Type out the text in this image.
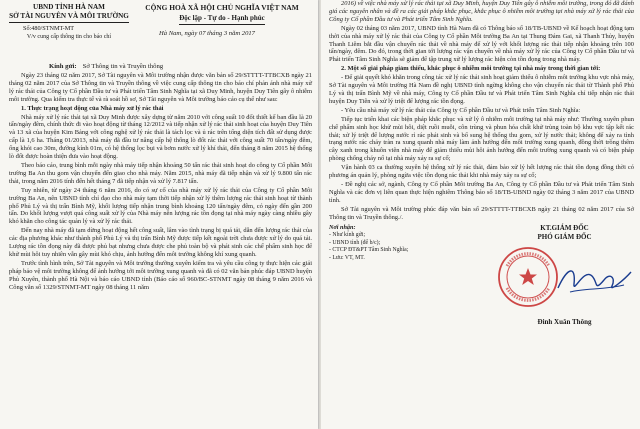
UBND TỈNH HÀ NAM
SỞ TÀI NGUYÊN VÀ MÔI TRƯỜNG
CỘNG HOÀ XÃ HỘI CHỦ NGHĨA VIỆT NAM
Độc lập - Tự do - Hạnh phúc
Số:480/STNMT-MT
V/v cung cấp thông tin cho báo chí	Hà Nam, ngày 07 tháng 3 năm 2017
Kính gửi: Sở Thông tin và Truyền thông

Ngày 23 tháng 02 năm 2017, Sở Tài nguyên và Môi trường nhận được văn bản số 29/STTTT-TTBCXB ngày 21 tháng 02 năm 2017 của Sở Thông tin và Truyền thông về việc cung cấp thông tin cho báo chí phản ánh nhà máy xử lý rác thải của Công ty Cổ phần Đầu tư và Phát triển Tâm Sinh Nghĩa tại xã Duy Minh, huyện Duy Tiên gây ô nhiễm môi trường. Qua kiểm tra thực tế và rà soát hồ sơ, Sở Tài nguyên và Môi trường báo cáo cụ thể như sau:

1. Thực trạng hoạt động của Nhà máy xử lý rác thải

Nhà máy xử lý rác thải tại xã Duy Minh được xây dựng từ năm 2010 với công suất 10 đốt thiết kế ban đầu là 20 tấn/ngày đêm, chính thức đi vào hoạt động từ tháng 12/2012 và tiếp nhận xử lý rác thải sinh hoạt của huyện Duy Tiên và 13 xã của huyện Kim Bảng với công nghệ xử lý rác thải là tách lọc và ủ rác trên tổng diện tích đất sử dụng được cấp là 1,6 ha. Tháng 01/2013, nhà máy đã đầu tư nâng cấp hệ thống lò đốt rác thải với công suất 70 tấn/ngày đêm, ống khói cao 30m, đường kính 01m, có hệ thống lọc bụi và bơm nước xử lý khí thải, đến tháng 8 năm 2015 hệ thống lò đốt được hoàn thiện đưa vào hoạt động.

Theo báo cáo, trung bình mỗi ngày nhà máy tiếp nhận khoảng 50 tấn rác thải sinh hoạt do công ty Cổ phần Môi trường Ba An thu gom vận chuyển đến giao cho nhà máy. Năm 2015, nhà máy đã tiếp nhận và xử lý 9.800 tấn rác thải, trong năm 2016 tính đến hết tháng 7 đã tiếp nhận và xử lý 7.817 tấn.

Tuy nhiên, từ ngày 24 tháng 6 năm 2016, do có sự cố của nhà máy xử lý rác thải của Công ty Cổ phần Môi trường Ba An, nên UBND tỉnh chỉ đạo cho nhà máy tạm thời tiếp nhận xử lý thêm lượng rác thải sinh hoạt từ thành phố Phủ Lý và thị trấn Bình Mỹ, khối lượng tiếp nhận trung bình khoảng 120 tấn/ngày đêm, có ngày đến gần 200 tấn. Do khối lượng vượt quá công suất xử lý của Nhà máy nên lượng rác tồn đọng tại nhà máy ngày càng nhiều gây khó khăn cho công tác quản lý và xử lý rác thải.

Đến nay nhà máy đã tạm dừng hoạt động hết công suất, lâm vào tình trạng bị quá tải, dẫn đến lượng rác thải của các địa phương khác như thành phố Phủ Lý và thị trấn Bình Mỹ được tiếp kết ngoài trời chưa được xử lý do quá tải. Lượng rác tồn đọng này đã được phủ bạt nhưng chưa được che phủ toàn bộ và phát sinh các chế phẩm sinh học để khử mùi hôi tuy nhiên vẫn gây mùi khó chịu, ảnh hưởng đến môi trường không khí xung quanh.

Trước tình hình trên, Sở Tài nguyên và Môi trường thường xuyên kiểm tra và yêu cầu công ty thực hiện các giải pháp bảo vệ môi trường không để ảnh hưởng tới môi trường xung quanh và đã có 02 văn bản phúc đáp UBND huyện Phủ Xuyên, thành phố Hà Nội và báo cáo UBND tỉnh (Báo cáo số 960/BC-STNMT ngày 08 tháng 9 năm 2016 và Công văn số 1329/STNMT-MT ngày 08 tháng 11 năm

2016) về việc nhà máy xử lý rác thải tại xã Duy Minh, huyện Duy Tiên gây ô nhiễm môi trường, trong đó đã đánh giá các nguyên nhân và đề ra các giải pháp khắc phục, khắc phục ô nhiễm môi trường tại nhà máy xử lý rác thải của Công ty Cổ phần Đầu tư và Phát triển Tâm Sinh Nghĩa.

Ngày 02 tháng 03 năm 2017, UBND tỉnh Hà Nam đã có Thông báo số 18/TB-UBND về Kế hoạch hoạt động tạm thời của nhà máy xử lý rác thải của Công ty Cổ phần Môi trường Ba An tại Thung Đám Gai, xã Thanh Thủy, huyện Thanh Liêm bắt đầu vận chuyển rác thải về nhà máy để xử lý với khối lượng rác thải tiếp nhận khoảng trên 100 tấn/ngày, đêm. Do đó, trong thời gian tới lượng rác vận chuyển về nhà máy xử lý rác của Công ty Cổ phần Đầu tư và Phát triển Tâm Sinh Nghĩa sẽ giảm để tập trung xử lý lượng rác hiện còn tồn đọng trong nhà máy.

2. Một số giải pháp giảm thiểu, khắc phục ô nhiễm môi trường tại nhà máy trong thời gian tới:

- Để giải quyết khó khăn trong công tác xử lý rác thải sinh hoạt giảm thiểu ô nhiễm môi trường khu vực nhà máy, Sở Tài nguyên và Môi trường Hà Nam đề nghị UBND tỉnh ngừng không cho vận chuyển rác thải từ Thành phố Phủ Lý và thị trấn Bình Mỹ về nhà máy, Công ty Cổ phần Đầu tư và Phát triển Tâm Sinh Nghĩa chỉ tiếp nhận rác thải huyện Duy Tiên và xử lý triệt để lượng rác tồn đọng.

- Yêu cầu nhà máy xử lý rác thải của Công ty Cổ phần Đầu tư và Phát triển Tâm Sinh Nghĩa:

Tiếp tục triển khai các biện pháp khắc phục và xử lý ô nhiễm môi trường tại nhà máy như: Thường xuyên phun chế phẩm sinh học khử mùi hôi, diệt ruồi muỗi, côn trùng và phun hóa chất khử trùng toàn bộ khu vực tập kết rác thải; xử lý triệt để lượng nước rỉ rác phát sinh và bổ sung hệ thống thu gom, xử lý nước thải; không để xảy ra tình trạng nước rác chảy tràn ra xung quanh nhà máy làm ảnh hưởng đến môi trường xung quanh, đồng thời trồng thêm cây xanh trong khuôn viên nhà máy để giảm thiểu mùi hôi ảnh hưởng đến môi trường xung quanh và có biện pháp phòng chống cháy nổ tại nhà máy xảy ra sự cố;

Vận hành 03 ca thường xuyên hệ thống xử lý rác thải, đảm bảo xử lý hết lượng rác thải tồn đọng đồng thời có phương án quản lý, phòng ngừa việc tồn đọng rác thải khi nhà máy xảy ra sự cố;

- Đề nghị các sở, ngành, Công ty Cổ phần Môi trường Ba An, Công ty Cổ phần Đầu tư và Phát triển Tâm Sinh Nghĩa và các đơn vị liên quan thực hiện nghiêm Thông báo số 18/TB-UBND ngày 02 tháng 3 năm 2017 của UBND tỉnh.

Sở Tài nguyên và Môi trường phúc đáp văn bản số 29/STTTT-TTBCXB ngày 21 tháng 02 năm 2017 của Sở Thông tin và Truyền thông./.

Nơi nhận:
- Như kính gửi;
- UBND tỉnh (để b/c);
- CTCP ĐT&PT Tâm Sinh Nghĩa;
- Lưu: VT, MT.
KT.GIÁM ĐỐC
PHÓ GIÁM ĐỐC
Đinh Xuân Thông
